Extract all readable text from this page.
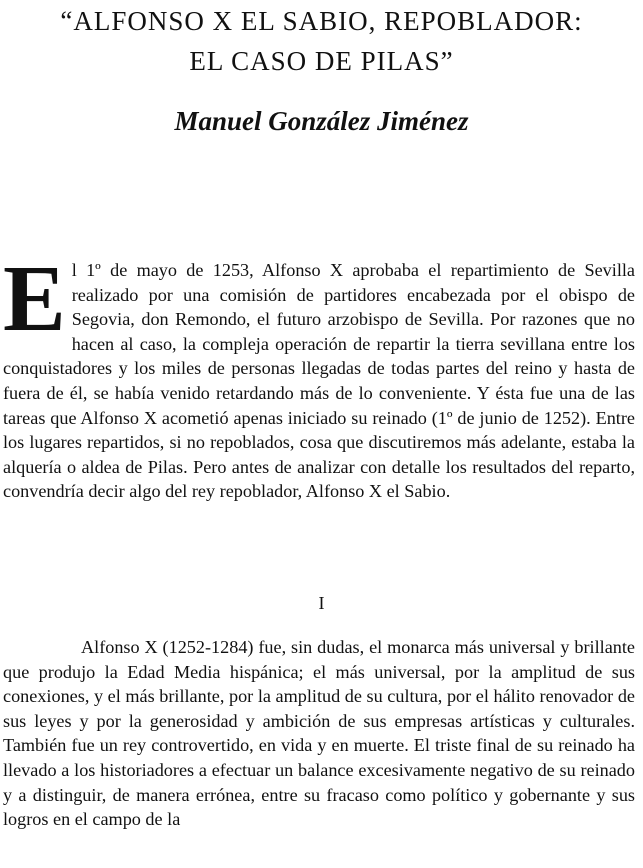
“ALFONSO X EL SABIO, REPOBLADOR:
EL CASO DE PILAS”
Manuel González Jiménez

El 1º de mayo de 1253, Alfonso X aprobaba el repartimiento de Sevilla realizado por una comisión de partidores encabezada por el obispo de Segovia, don Remondo, el futuro arzobispo de Sevilla. Por razones que no hacen al caso, la compleja operación de repartir la tierra sevillana entre los conquistadores y los miles de personas llegadas de todas partes del reino y hasta de fuera de él, se había venido retardando más de lo conveniente. Y ésta fue una de las tareas que Alfonso X acometió apenas iniciado su reinado (1º de junio de 1252). Entre los lugares repartidos, si no repoblados, cosa que discutiremos más adelante, estaba la alquería o aldea de Pilas. Pero antes de analizar con detalle los resultados del reparto, convendría decir algo del rey repoblador, Alfonso X el Sabio.

I

Alfonso X (1252-1284) fue, sin dudas, el monarca más universal y brillante que produjo la Edad Media hispánica; el más universal, por la amplitud de sus conexiones, y el más brillante, por la amplitud de su cultura, por el hálito renovador de sus leyes y por la generosidad y ambición de sus empresas artísticas y culturales. También fue un rey controvertido, en vida y en muerte. El triste final de su reinado ha llevado a los historiadores a efectuar un balance excesivamente negativo de su reinado y a distinguir, de manera errónea, entre su fracaso como político y gobernante y sus logros en el campo de la
